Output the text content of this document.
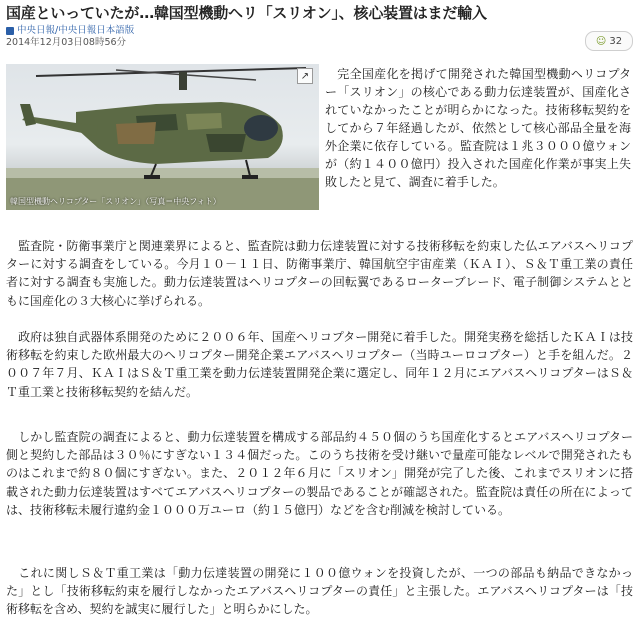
国産といっていたが…韓国型機動ヘリ「スリオン」、核心装置はまだ輸入
中央日報/中央日報日本語版
2014年12月03日08時56分	☺ 32
↗
韓国型機動ヘリコプター「スリオン」（写真＝中央フォト）
　完全国産化を掲げて開発された韓国型機動ヘリコプター「スリオン」の核心である動力伝達装置が、国産化されていなかったことが明らかになった。技術移転契約をしてから７年経過したが、依然として核心部品全量を海外企業に依存している。監査院は１兆３０００億ウォンが（約１４００億円）投入された国産化作業が事実上失敗したと見て、調査に着手した。
　監査院・防衛事業庁と関連業界によると、監査院は動力伝達装置に対する技術移転を約束した仏エアバスヘリコプターに対する調査をしている。今月１０－１１日、防衛事業庁、韓国航空宇宙産業（ＫＡＩ）、Ｓ＆Ｔ重工業の責任者に対する調査も実施した。動力伝達装置はヘリコプターの回転翼であるローターブレード、電子制御システムとともに国産化の３大核心に挙げられる。
　政府は独自武器体系開発のために２００６年、国産ヘリコプター開発に着手した。開発実務を総括したＫＡＩは技術移転を約束した欧州最大のヘリコプター開発企業エアバスヘリコプター（当時ユーロコプター）と手を組んだ。２００７年７月、ＫＡＩはＳ＆Ｔ重工業を動力伝達装置開発企業に選定し、同年１２月にエアバスヘリコプターはＳ＆Ｔ重工業と技術移転契約を結んだ。
　しかし監査院の調査によると、動力伝達装置を構成する部品約４５０個のうち国産化するとエアバスヘリコプター側と契約した部品は３０％にすぎない１３４個だった。このうち技術を受け継いで量産可能なレベルで開発されたものはこれまで約８０個にすぎない。また、２０１２年６月に「スリオン」開発が完了した後、これまでスリオンに搭載された動力伝達装置はすべてエアバスヘリコプターの製品であることが確認された。監査院は責任の所在によっては、技術移転未履行違約金１０００万ユーロ（約１５億円）などを含む削減を検討している。
　これに関しＳ＆Ｔ重工業は「動力伝達装置の開発に１００億ウォンを投資したが、一つの部品も納品できなかった」とし「技術移転約束を履行しなかったエアバスヘリコプターの責任」と主張した。エアバスヘリコプターは「技術移転を含め、契約を誠実に履行した」と明らかにした。
